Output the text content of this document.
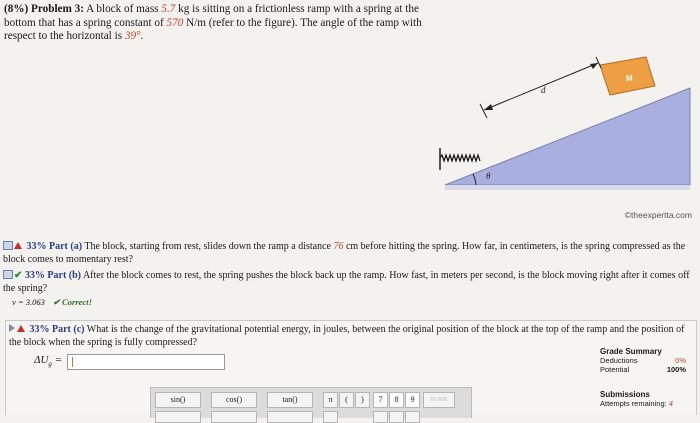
(8%) Problem 3: A block of mass 5.7 kg is sitting on a frictionless ramp with a spring at the bottom that has a spring constant of 570 N/m (refer to the figure). The angle of the ramp with respect to the horizontal is 39°.
M
d
θ
©theexpertta.com
33% Part (a) The block, starting from rest, slides down the ramp a distance 76 cm before hitting the spring. How far, in centimeters, is the spring compressed as the block comes to momentary rest?
✔ 33% Part (b) After the block comes to rest, the spring pushes the block back up the ramp. How fast, in meters per second, is the block moving right after it comes off the spring?
v = 3.063 ✔ Correct!
33% Part (c) What is the change of the gravitational potential energy, in joules, between the original position of the block at the top of the ramp and the position of the block when the spring is fully compressed?
$\Delta U_g$ =
Grade Summary
Deductions	0%
Potential	100%
Submissions
Attempts remaining: 4
sin()	cos()	tan()	π	(	)	7	8	9	HOME
